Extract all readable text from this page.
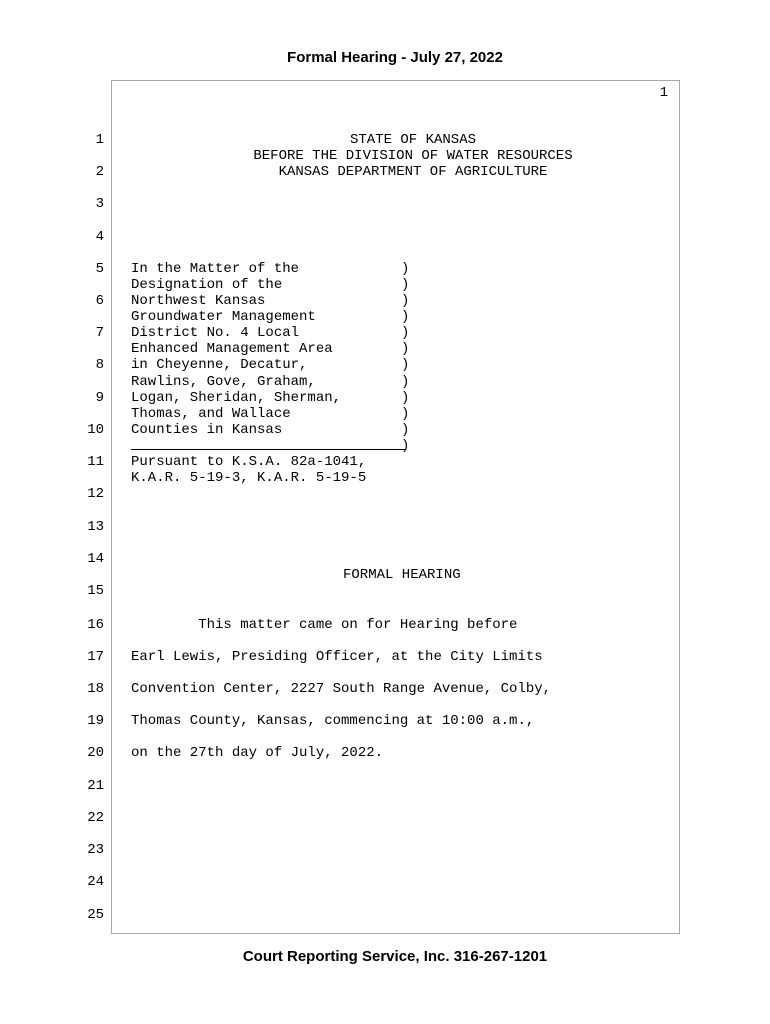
Formal Hearing - July 27, 2022
1
1
2
3
4
5
6
7
8
9
10
11
12
13
14
15
16
17
18
19
20
21
22
23
24
25
STATE OF KANSAS
BEFORE THE DIVISION OF WATER RESOURCES
KANSAS DEPARTMENT OF AGRICULTURE
In the Matter of the
Designation of the
Northwest Kansas
Groundwater Management
District No. 4 Local
Enhanced Management Area
in Cheyenne, Decatur,
Rawlins, Gove, Graham,
Logan, Sheridan, Sherman,
Thomas, and Wallace
Counties in Kansas
)
)
)
)
)
)
)
)
)
)
)
)
Pursuant to K.S.A. 82a-1041,
K.A.R. 5-19-3, K.A.R. 5-19-5
FORMAL HEARING
This matter came on for Hearing before
Earl Lewis, Presiding Officer, at the City Limits
Convention Center, 2227 South Range Avenue, Colby,
Thomas County, Kansas, commencing at 10:00 a.m.,
on the 27th day of July, 2022.
Court Reporting Service, Inc. 316-267-1201
